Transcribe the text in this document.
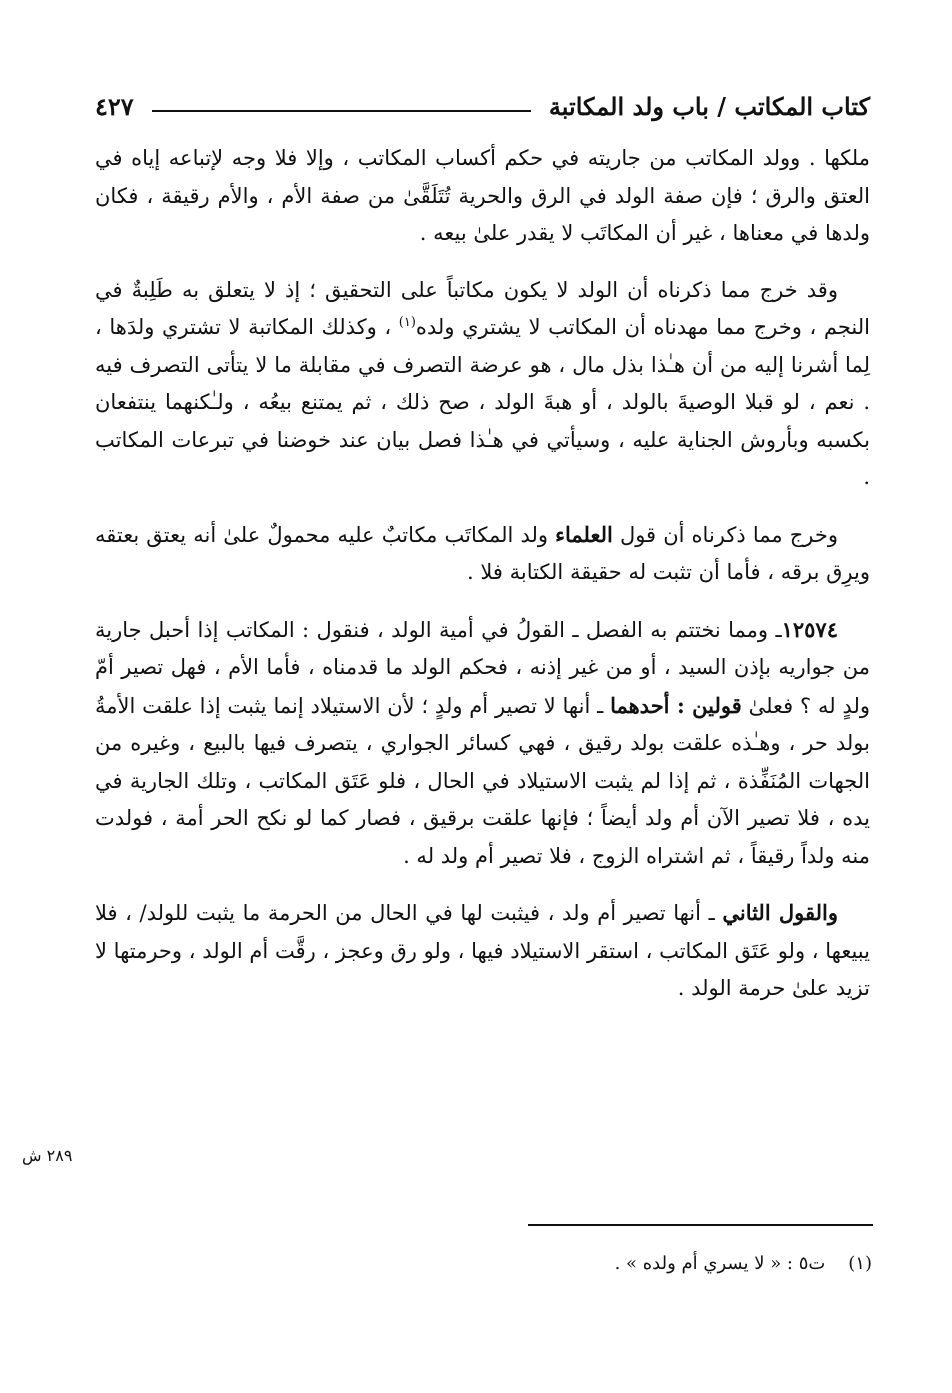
كتاب المكاتب / باب ولد المكاتبة
٤٢٧

ملكها . وولد المكاتب من جاريته في حكم أكساب المكاتب ، وإلا فلا وجه لإتباعه إياه في العتق والرق ؛ فإن صفة الولد في الرق والحرية تُتَلَقَّىٰ من صفة الأم ، والأم رقيقة ، فكان ولدها في معناها ، غير أن المكاتَب لا يقدر علىٰ بيعه .

وقد خرج مما ذكرناه أن الولد لا يكون مكاتباً على التحقيق ؛ إذ لا يتعلق به طَلِبةٌ في النجم ، وخرج مما مهدناه أن المكاتب لا يشتري ولده$^{(١)}$ ، وكذلك المكاتبة لا تشتري ولدَها ، لِما أشرنا إليه من أن هـٰذا بذل مال ، هو عرضة التصرف في مقابلة ما لا يتأتى التصرف فيه . نعم ، لو قبلا الوصيةَ بالولد ، أو هبةَ الولد ، صح ذلك ، ثم يمتنع بيعُه ، ولـٰكنهما ينتفعان بكسبه وبأروش الجناية عليه ، وسيأتي في هـٰذا فصل بيان عند خوضنا في تبرعات المكاتب .

وخرج مما ذكرناه أن قول العلماء ولد المكاتَب مكاتبٌ عليه محمولٌ علىٰ أنه يعتق بعتقه ويرِق برقه ، فأما أن تثبت له حقيقة الكتابة فلا .

١٢٥٧٤ـ ومما نختتم به الفصل ـ القولُ في أمية الولد ، فنقول : المكاتب إذا أحبل جارية من جواريه بإذن السيد ، أو من غير إذنه ، فحكم الولد ما قدمناه ، فأما الأم ، فهل تصير أمّ ولدٍ له ؟ فعلىٰ قولين : أحدهما ـ أنها لا تصير أم ولدٍ ؛ لأن الاستيلاد إنما يثبت إذا علقت الأمةُ بولد حر ، وهـٰذه علقت بولد رقيق ، فهي كسائر الجواري ، يتصرف فيها بالبيع ، وغيره من الجهات المُنَفِّذة ، ثم إذا لم يثبت الاستيلاد في الحال ، فلو عَتَق المكاتب ، وتلك الجارية في يده ، فلا تصير الآن أم ولد أيضاً ؛ فإنها علقت برقيق ، فصار كما لو نكح الحر أمة ، فولدت منه ولداً رقيقاً ، ثم اشتراه الزوج ، فلا تصير أم ولد له .

والقول الثاني ـ أنها تصير أم ولد ، فيثبت لها في الحال من الحرمة ما يثبت للولد/ ، فلا يبيعها ، ولو عَتَق المكاتب ، استقر الاستيلاد فيها ، ولو رق وعجز ، رقَّت أم الولد ، وحرمتها لا تزيد علىٰ حرمة الولد .

٢٨٩ ش
(١)    ت٥ : « لا يسري أم ولده » .
